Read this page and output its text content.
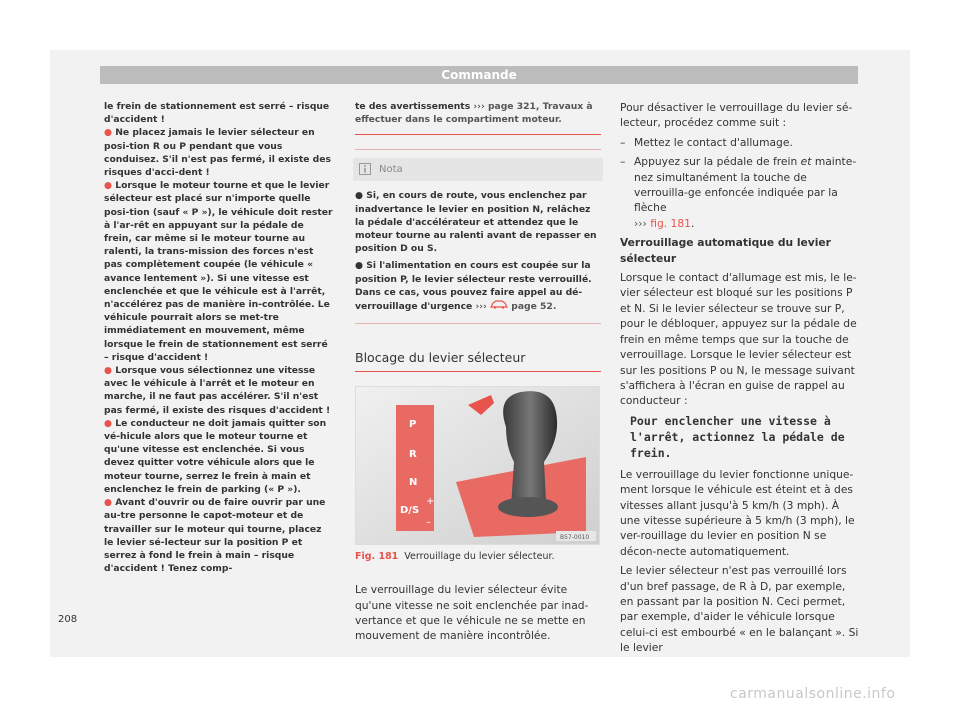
Commande

le frein de stationnement est serré – risque d'accident !

● Ne placez jamais le levier sélecteur en posi-tion R ou P pendant que vous conduisez. S'il n'est pas fermé, il existe des risques d'acci-dent !

● Lorsque le moteur tourne et que le levier sélecteur est placé sur n'importe quelle posi-tion (sauf « P »), le véhicule doit rester à l'ar-rêt en appuyant sur la pédale de frein, car même si le moteur tourne au ralenti, la trans-mission des forces n'est pas complètement coupée (le véhicule « avance lentement »). Si une vitesse est enclenchée et que le véhicule est à l'arrêt, n'accélérez pas de manière in-contrôlée. Le véhicule pourrait alors se met-tre immédiatement en mouvement, même lorsque le frein de stationnement est serré – risque d'accident !

● Lorsque vous sélectionnez une vitesse avec le véhicule à l'arrêt et le moteur en marche, il ne faut pas accélérer. S'il n'est pas fermé, il existe des risques d'accident !

● Le conducteur ne doit jamais quitter son vé-hicule alors que le moteur tourne et qu'une vitesse est enclenchée. Si vous devez quitter votre véhicule alors que le moteur tourne, serrez le frein à main et enclenchez le frein de parking (« P »).

● Avant d'ouvrir ou de faire ouvrir par une au-tre personne le capot-moteur et de travailler sur le moteur qui tourne, placez le levier sé-lecteur sur la position P et serrez à fond le frein à main – risque d'accident ! Tenez comp-

te des avertissements ››› page 321, Travaux à effectuer dans le compartiment moteur.
Nota

● Si, en cours de route, vous enclenchez par inadvertance le levier en position N, relâchez la pédale d'accélérateur et attendez que le moteur tourne au ralenti avant de repasser en position D ou S.

● Si l'alimentation en cours est coupée sur la position P, le levier sélecteur reste verrouillé. Dans ce cas, vous pouvez faire appel au dé-verrouillage d'urgence ›››	page 52.

Blocage du levier sélecteur
P
R
N
D/S
+
–
B57-0010
Fig. 181 Verrouillage du levier sélecteur.

Le verrouillage du levier sélecteur évite qu'une vitesse ne soit enclenchée par inad-vertance et que le véhicule ne se mette en mouvement de manière incontrôlée.

Pour désactiver le verrouillage du levier sé-lecteur, procédez comme suit :

– Mettez le contact d'allumage.
– Appuyez sur la pédale de frein et mainte-nez simultanément la touche de verrouilla-ge enfoncée indiquée par la flèche
››› fig. 181.

Verrouillage automatique du levier sélecteur

Lorsque le contact d'allumage est mis, le le-vier sélecteur est bloqué sur les positions P et N. Si le levier sélecteur se trouve sur P, pour le débloquer, appuyez sur la pédale de frein en même temps que sur la touche de verrouillage. Lorsque le levier sélecteur est sur les positions P ou N, le message suivant s'affichera à l'écran en guise de rappel au conducteur :

Pour enclencher une vitesse à l'arrêt, actionnez la pédale de frein.

Le verrouillage du levier fonctionne unique-ment lorsque le véhicule est éteint et à des vitesses allant jusqu'à 5 km/h (3 mph). À une vitesse supérieure à 5 km/h (3 mph), le ver-rouillage du levier en position N se décon-necte automatiquement.

Le levier sélecteur n'est pas verrouillé lors d'un bref passage, de R à D, par exemple, en passant par la position N. Ceci permet, par exemple, d'aider le véhicule lorsque celui-ci est embourbé « en le balançant ». Si le levier

208
carmanualsonline.info
